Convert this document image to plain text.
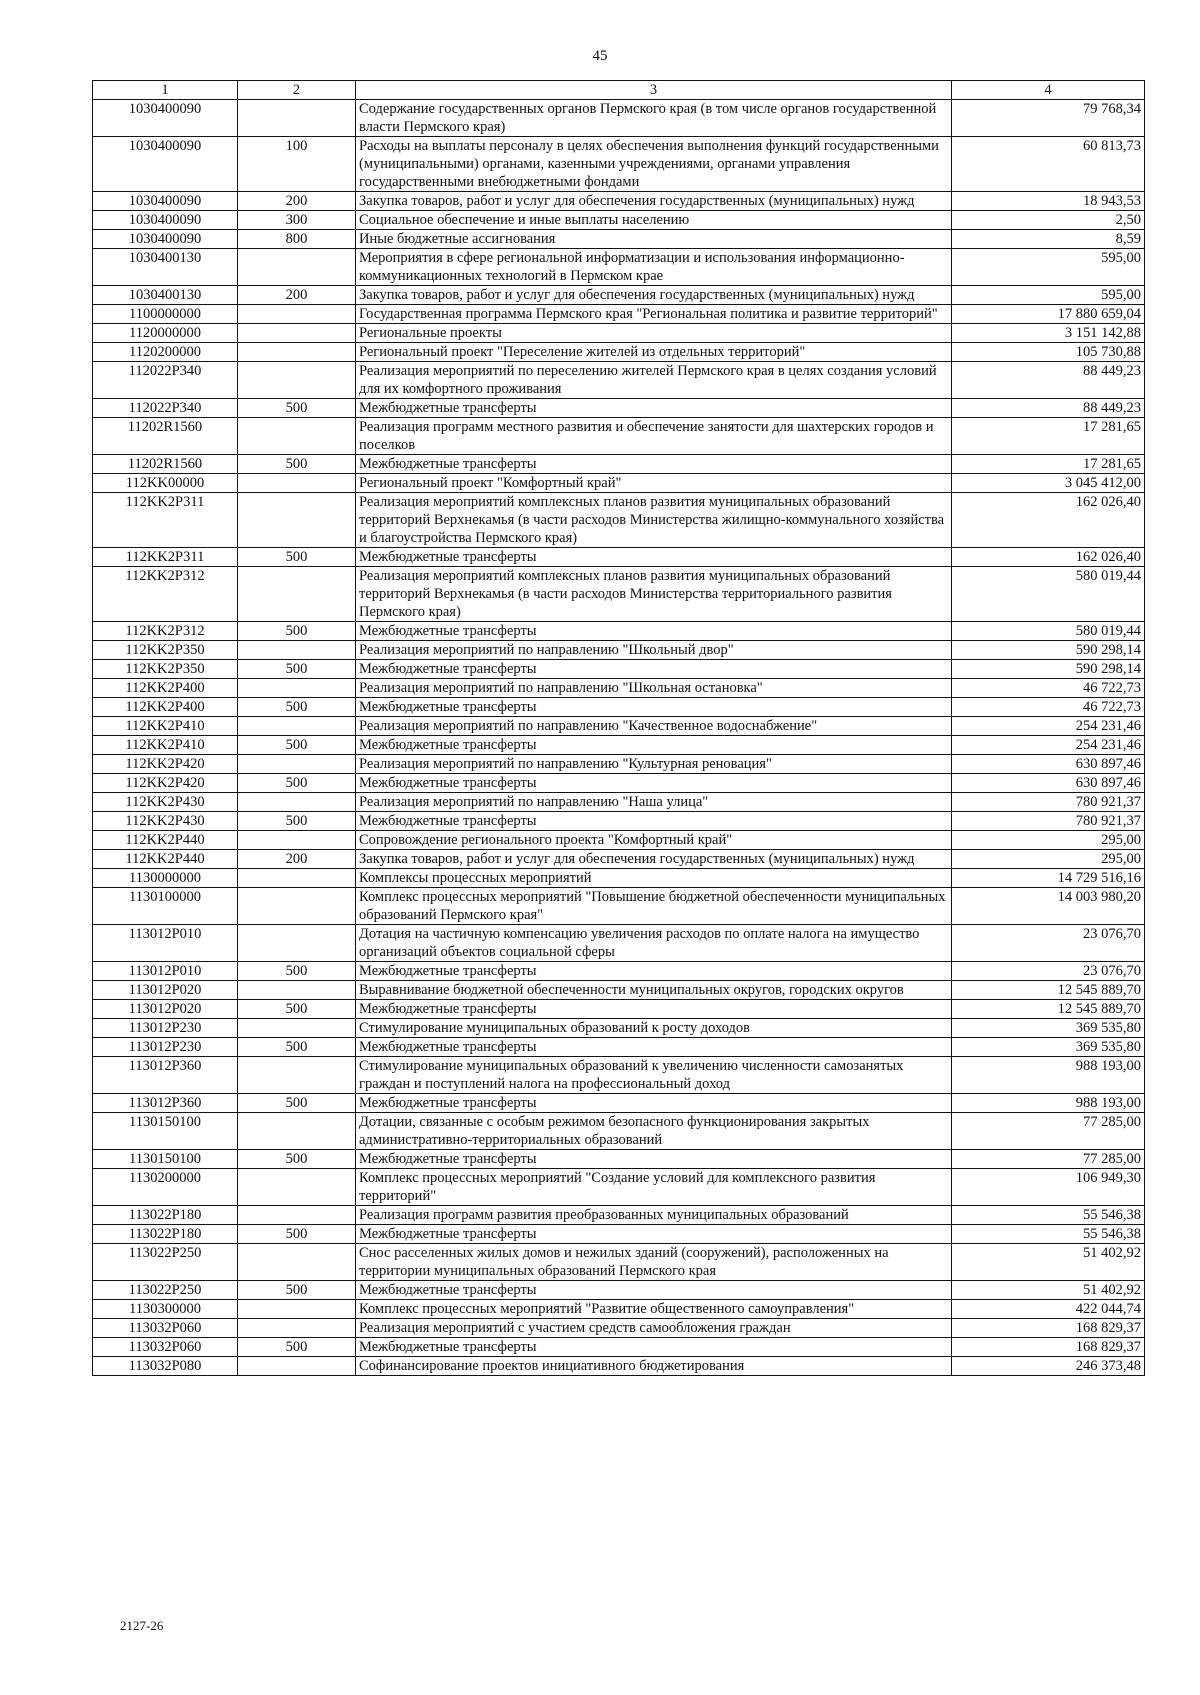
45
1	2	3	4
1030400090		Содержание государственных органов Пермского края (в том числе органов государственной власти Пермского края)	79 768,34
1030400090	100	Расходы на выплаты персоналу в целях обеспечения выполнения функций государственными (муниципальными) органами, казенными учреждениями, органами управления государственными внебюджетными фондами	60 813,73
1030400090	200	Закупка товаров, работ и услуг для обеспечения государственных (муниципальных) нужд	18 943,53
1030400090	300	Социальное обеспечение и иные выплаты населению	2,50
1030400090	800	Иные бюджетные ассигнования	8,59
1030400130		Мероприятия в сфере региональной информатизации и использования информационно-коммуникационных технологий в Пермском крае	595,00
1030400130	200	Закупка товаров, работ и услуг для обеспечения государственных (муниципальных) нужд	595,00
1100000000		Государственная программа Пермского края "Региональная политика и развитие территорий"	17 880 659,04
1120000000		Региональные проекты	3 151 142,88
1120200000		Региональный проект "Переселение жителей из отдельных территорий"	105 730,88
112022P340		Реализация мероприятий по переселению жителей Пермского края в целях создания условий для их комфортного проживания	88 449,23
112022P340	500	Межбюджетные трансферты	88 449,23
11202R1560		Реализация программ местного развития и обеспечение занятости для шахтерских городов и поселков	17 281,65
11202R1560	500	Межбюджетные трансферты	17 281,65
112KK00000		Региональный проект "Комфортный край"	3 045 412,00
112KK2P311		Реализация мероприятий комплексных планов развития муниципальных образований территорий Верхнекамья (в части расходов Министерства жилищно-коммунального хозяйства и благоустройства Пермского края)	162 026,40
112KK2P311	500	Межбюджетные трансферты	162 026,40
112KK2P312		Реализация мероприятий комплексных планов развития муниципальных образований территорий Верхнекамья (в части расходов Министерства территориального развития Пермского края)	580 019,44
112KK2P312	500	Межбюджетные трансферты	580 019,44
112KK2P350		Реализация мероприятий по направлению "Школьный двор"	590 298,14
112KK2P350	500	Межбюджетные трансферты	590 298,14
112KK2P400		Реализация мероприятий по направлению "Школьная остановка"	46 722,73
112KK2P400	500	Межбюджетные трансферты	46 722,73
112KK2P410		Реализация мероприятий по направлению "Качественное водоснабжение"	254 231,46
112KK2P410	500	Межбюджетные трансферты	254 231,46
112KK2P420		Реализация мероприятий по направлению "Культурная реновация"	630 897,46
112KK2P420	500	Межбюджетные трансферты	630 897,46
112KK2P430		Реализация мероприятий по направлению "Наша улица"	780 921,37
112KK2P430	500	Межбюджетные трансферты	780 921,37
112KK2P440		Сопровождение регионального проекта "Комфортный край"	295,00
112KK2P440	200	Закупка товаров, работ и услуг для обеспечения государственных (муниципальных) нужд	295,00
1130000000		Комплексы процессных мероприятий	14 729 516,16
1130100000		Комплекс процессных мероприятий "Повышение бюджетной обеспеченности муниципальных образований Пермского края"	14 003 980,20
113012P010		Дотация на частичную компенсацию увеличения расходов по оплате налога на имущество организаций объектов социальной сферы	23 076,70
113012P010	500	Межбюджетные трансферты	23 076,70
113012P020		Выравнивание бюджетной обеспеченности муниципальных округов, городских округов	12 545 889,70
113012P020	500	Межбюджетные трансферты	12 545 889,70
113012P230		Стимулирование муниципальных образований к росту доходов	369 535,80
113012P230	500	Межбюджетные трансферты	369 535,80
113012P360		Стимулирование муниципальных образований к увеличению численности самозанятых граждан и поступлений налога на профессиональный доход	988 193,00
113012P360	500	Межбюджетные трансферты	988 193,00
1130150100		Дотации, связанные с особым режимом безопасного функционирования закрытых административно-территориальных образований	77 285,00
1130150100	500	Межбюджетные трансферты	77 285,00
1130200000		Комплекс процессных мероприятий "Создание условий для комплексного развития территорий"	106 949,30
113022P180		Реализация программ развития преобразованных муниципальных образований	55 546,38
113022P180	500	Межбюджетные трансферты	55 546,38
113022P250		Снос расселенных жилых домов и нежилых зданий (сооружений), расположенных на территории муниципальных образований Пермского края	51 402,92
113022P250	500	Межбюджетные трансферты	51 402,92
1130300000		Комплекс процессных мероприятий "Развитие общественного самоуправления"	422 044,74
113032P060		Реализация мероприятий с участием средств самообложения граждан	168 829,37
113032P060	500	Межбюджетные трансферты	168 829,37
113032P080		Софинансирование проектов инициативного бюджетирования	246 373,48
2127-26
